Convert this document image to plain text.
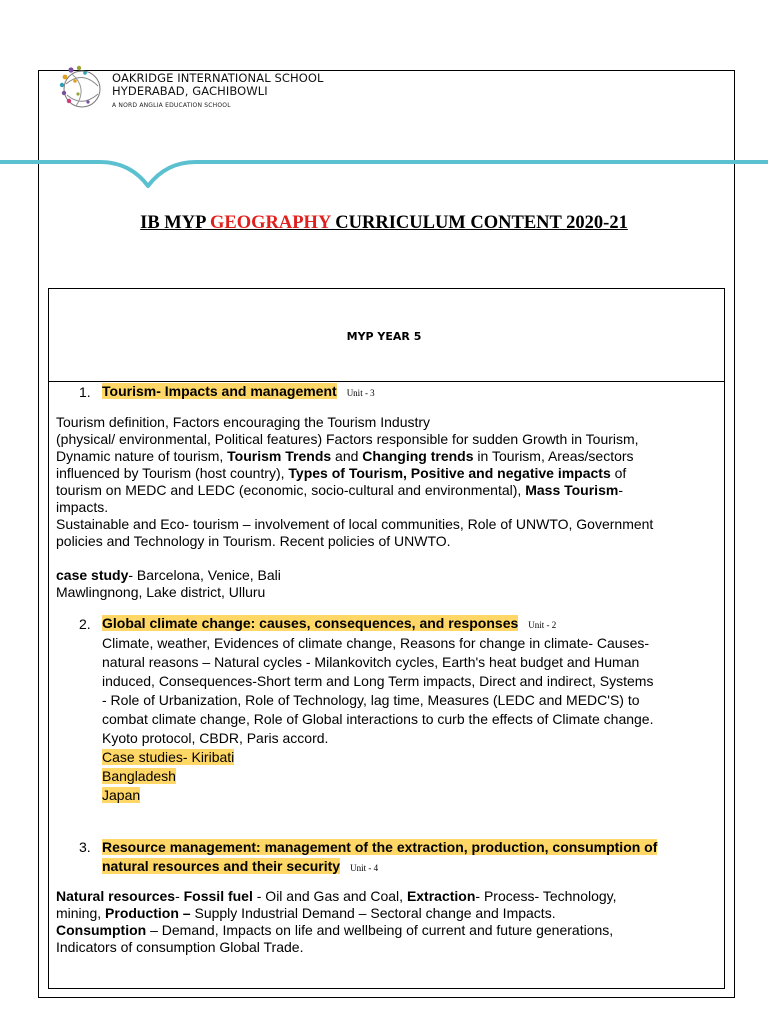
OAKRIDGE INTERNATIONAL SCHOOL
HYDERABAD, GACHIBOWLI
A NORD ANGLIA EDUCATION SCHOOL
IB MYP GEOGRAPHY CURRICULUM CONTENT 2020-21
MYP YEAR 5
1. Tourism- Impacts and management Unit - 3
Tourism definition, Factors encouraging the Tourism Industry
(physical/ environmental, Political features) Factors responsible for sudden Growth in Tourism,
Dynamic nature of tourism, Tourism Trends and Changing trends in Tourism, Areas/sectors
influenced by Tourism (host country), Types of Tourism, Positive and negative impacts of
tourism on MEDC and LEDC (economic, socio-cultural and environmental), Mass Tourism-
impacts.
Sustainable and Eco- tourism – involvement of local communities, Role of UNWTO, Government
policies and Technology in Tourism. Recent policies of UNWTO.
case study- Barcelona, Venice, Bali
Mawlingnong, Lake district, Ulluru
2. Global climate change: causes, consequences, and responses Unit - 2
Climate, weather, Evidences of climate change, Reasons for change in climate- Causes-
natural reasons – Natural cycles - Milankovitch cycles, Earth's heat budget and Human
induced, Consequences-Short term and Long Term impacts, Direct and indirect, Systems
- Role of Urbanization, Role of Technology, lag time, Measures (LEDC and MEDC'S) to
combat climate change, Role of Global interactions to curb the effects of Climate change.
Kyoto protocol, CBDR, Paris accord.
Case studies- Kiribati
Bangladesh
Japan
3. Resource management: management of the extraction, production, consumption of
natural resources and their security Unit - 4
Natural resources- Fossil fuel - Oil and Gas and Coal, Extraction- Process- Technology,
mining, Production – Supply Industrial Demand – Sectoral change and Impacts.
Consumption – Demand, Impacts on life and wellbeing of current and future generations,
Indicators of consumption Global Trade.
